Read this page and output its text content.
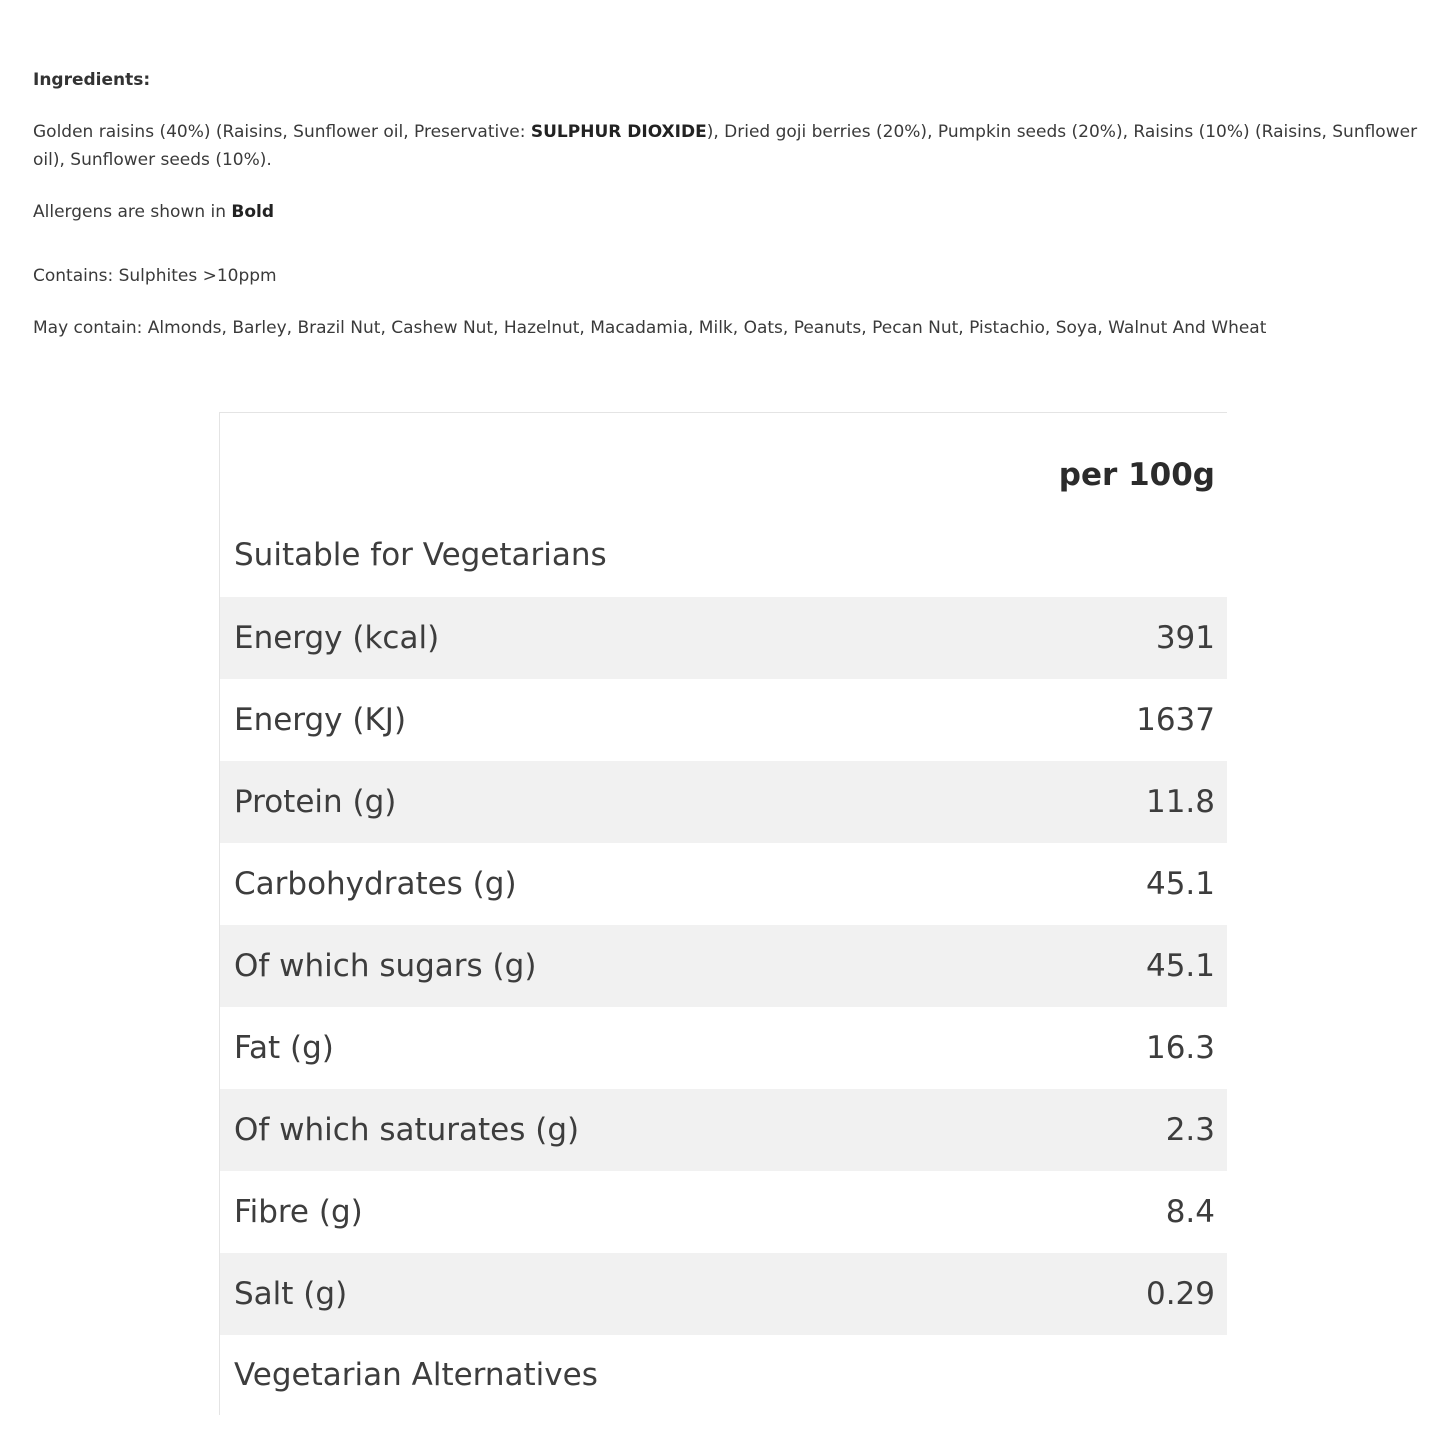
Ingredients:

Golden raisins (40%) (Raisins, Sunflower oil, Preservative: SULPHUR DIOXIDE), Dried goji berries (20%), Pumpkin seeds (20%), Raisins (10%) (Raisins, Sunflower oil), Sunflower seeds (10%).

Allergens are shown in Bold

Contains: Sulphites >10ppm

May contain: Almonds, Barley, Brazil Nut, Cashew Nut, Hazelnut, Macadamia, Milk, Oats, Peanuts, Pecan Nut, Pistachio, Soya, Walnut And Wheat

per 100g
Suitable for Vegetarians
Energy (kcal)	391
Energy (KJ)	1637
Protein (g)	11.8
Carbohydrates (g)	45.1
Of which sugars (g)	45.1
Fat (g)	16.3
Of which saturates (g)	2.3
Fibre (g)	8.4
Salt (g)	0.29
Vegetarian Alternatives
